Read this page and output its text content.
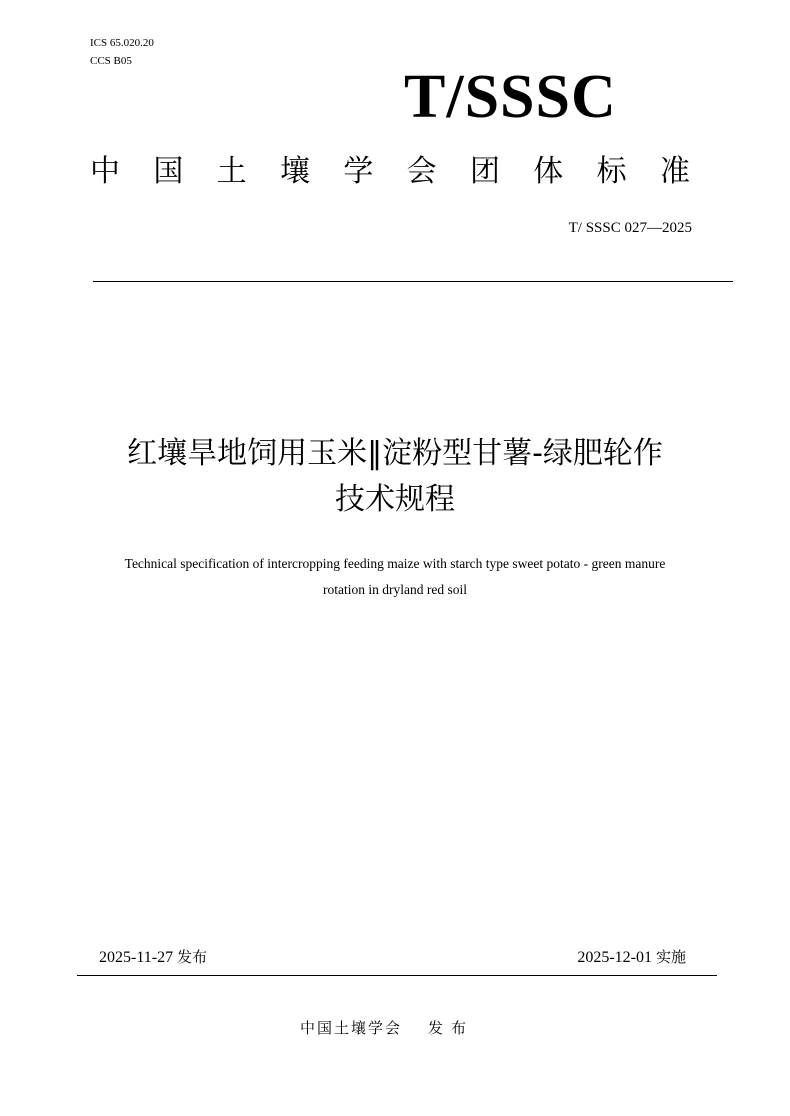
ICS 65.020.20
CCS B05
T/SSSC
中 国 土 壤 学 会 团 体 标 准
T/ SSSC 027—2025
红壤旱地饲用玉米‖淀粉型甘薯-绿肥轮作
技术规程
Technical specification of intercropping feeding maize with starch type sweet potato - green manure
rotation in dryland red soil
2025-11-27 发布	2025-12-01 实施
中国土壤学会 发布
